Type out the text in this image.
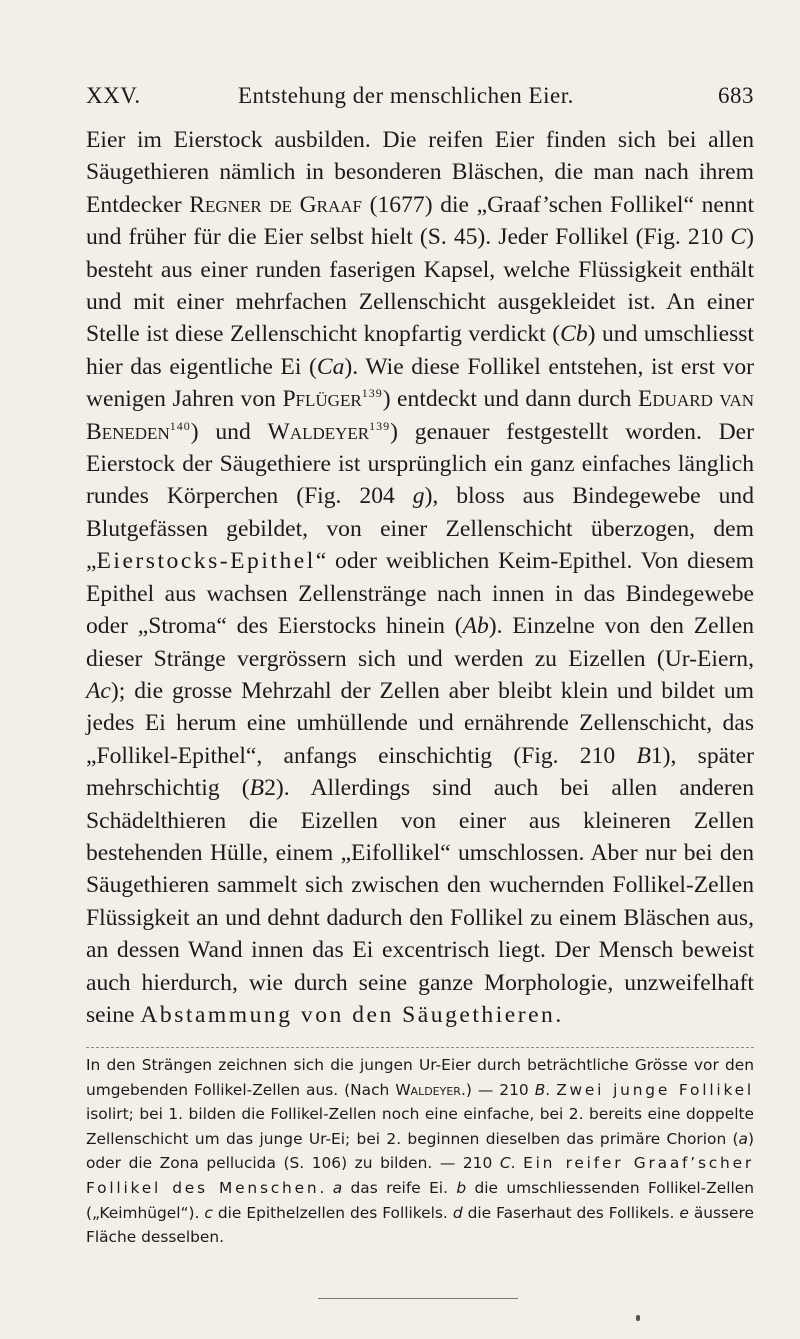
XXV.	Entstehung der menschlichen Eier.	683

Eier im Eierstock ausbilden. Die reifen Eier finden sich bei allen Säugethieren nämlich in besonderen Bläschen, die man nach ihrem Entdecker Regner de Graaf (1677) die „Graaf’schen Follikel“ nennt und früher für die Eier selbst hielt (S. 45). Jeder Follikel (Fig. 210 C) besteht aus einer runden faserigen Kapsel, welche Flüssigkeit enthält und mit einer mehrfachen Zellenschicht ausgekleidet ist. An einer Stelle ist diese Zellenschicht knopfartig verdickt (Cb) und umschliesst hier das eigentliche Ei (Ca). Wie diese Follikel entstehen, ist erst vor wenigen Jahren von Pflüger$^{139}$) entdeckt und dann durch Eduard van Beneden$^{140}$) und Waldeyer$^{139}$) genauer festgestellt worden. Der Eierstock der Säugethiere ist ursprünglich ein ganz einfaches länglich rundes Körperchen (Fig. 204 g), bloss aus Bindegewebe und Blutgefässen gebildet, von einer Zellenschicht überzogen, dem „Eierstocks-Epithel“ oder weiblichen Keim-Epithel. Von diesem Epithel aus wachsen Zellenstränge nach innen in das Bindegewebe oder „Stroma“ des Eierstocks hinein (Ab). Einzelne von den Zellen dieser Stränge vergrössern sich und werden zu Eizellen (Ur-Eiern, Ac); die grosse Mehrzahl der Zellen aber bleibt klein und bildet um jedes Ei herum eine umhüllende und ernährende Zellenschicht, das „Follikel-Epithel“, anfangs einschichtig (Fig. 210 B1), später mehrschichtig (B2). Allerdings sind auch bei allen anderen Schädelthieren die Eizellen von einer aus kleineren Zellen bestehenden Hülle, einem „Eifollikel“ umschlossen. Aber nur bei den Säugethieren sammelt sich zwischen den wuchernden Follikel-Zellen Flüssigkeit an und dehnt dadurch den Follikel zu einem Bläschen aus, an dessen Wand innen das Ei excentrisch liegt. Der Mensch beweist auch hierdurch, wie durch seine ganze Morphologie, unzweifelhaft seine Abstammung von den Säugethieren.

In den Strängen zeichnen sich die jungen Ur-Eier durch beträchtliche Grösse vor den umgebenden Follikel-Zellen aus. (Nach Waldeyer.) — 210 B. Zwei junge Follikel isolirt; bei 1. bilden die Follikel-Zellen noch eine einfache, bei 2. bereits eine doppelte Zellenschicht um das junge Ur-Ei; bei 2. beginnen dieselben das primäre Chorion (a) oder die Zona pellucida (S. 106) zu bilden. — 210 C. Ein reifer Graaf’scher Follikel des Menschen. a das reife Ei. b die umschliessenden Follikel-Zellen („Keimhügel“). c die Epithelzellen des Follikels. d die Faserhaut des Follikels. e äussere Fläche desselben.
